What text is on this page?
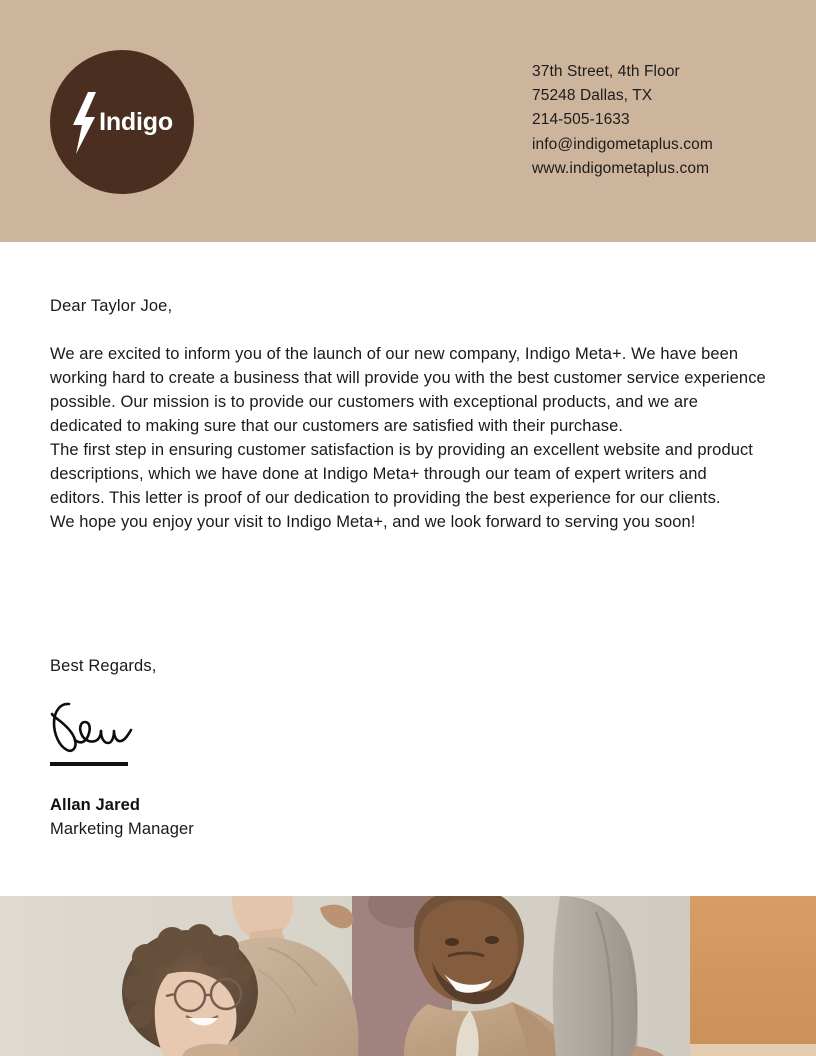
Indigo
37th Street, 4th Floor
75248 Dallas, TX
214-505-1633
info@indigometaplus.com
www.indigometaplus.com

Dear Taylor Joe,

We are excited to inform you of the launch of our new company, Indigo Meta+. We have been working hard to create a business that will provide you with the best customer service experience possible. Our mission is to provide our customers with exceptional products, and we are dedicated to making sure that our customers are satisfied with their purchase.

The first step in ensuring customer satisfaction is by providing an excellent website and product descriptions, which we have done at Indigo Meta+ through our team of expert writers and editors. This letter is proof of our dedication to providing the best experience for our clients.

We hope you enjoy your visit to Indigo Meta+, and we look forward to serving you soon!

Best Regards,
Allan Jared
Marketing Manager
